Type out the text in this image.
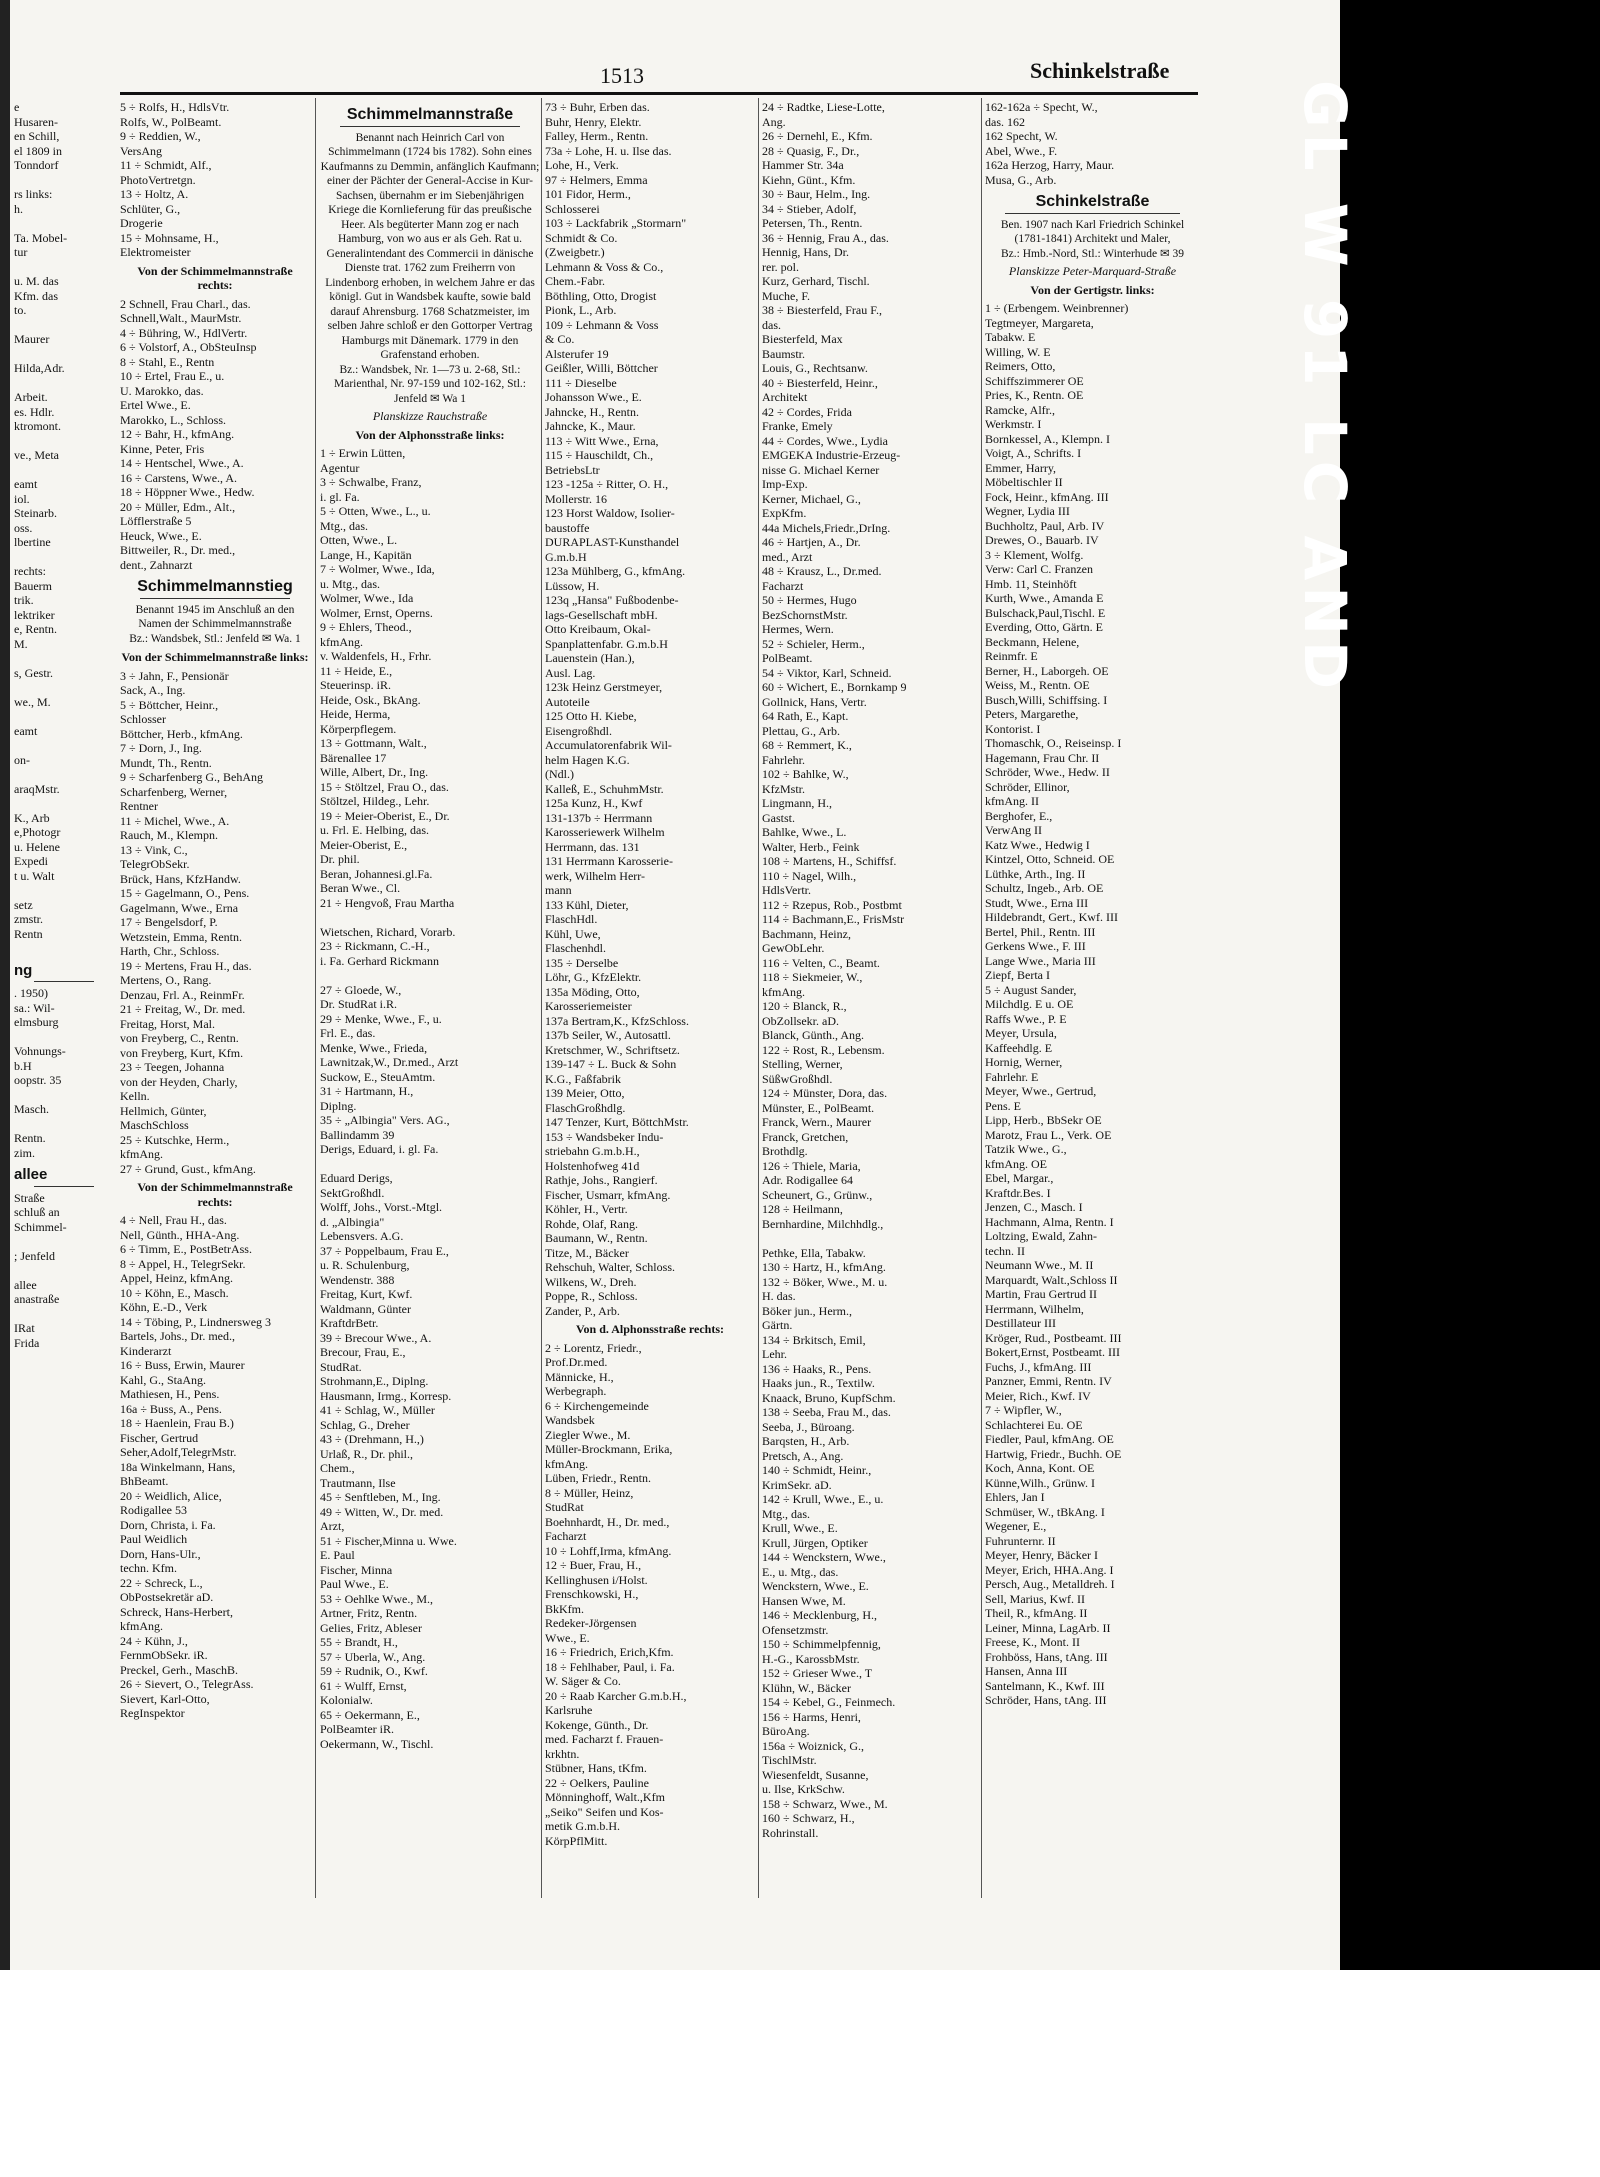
1513	Schinkelstraße
e
Husaren-
en Schill,
el 1809 in
Tonndorf

rs links:
h.

Ta. Mobel-
tur

u. M. das
Kfm. das
to.

Maurer

Hilda,Adr.

Arbeit.
es. Hdlr.
ktromont.

ve., Meta

eamt
iol.
Steinarb.
oss.
lbertine

rechts:
Bauerm
trik.
lektriker
e, Rentn.
M.

s, Gestr.

we., M.

eamt

on-

araqMstr.

K., Arb
e,Photogr
u. Helene
Expedi
t u. Walt

setz
zmstr.
Rentn

ng
. 1950)
sa.: Wil-
elmsburg

Vohnungs-
b.H
oopstr. 35

Masch.

Rentn.
zim.
allee
Straße
schluß an
Schimmel-

; Jenfeld

allee
anastraße

IRat
Frida
5 ÷ Rolfs, H., HdlsVtr.
Rolfs, W., PolBeamt.
9 ÷ Reddien, W.,
VersAng
11 ÷ Schmidt, Alf.,
PhotoVertretgn.
13 ÷ Holtz, A.
Schlüter, G.,
Drogerie
15 ÷ Mohnsame, H.,
Elektromeister
Von der Schimmelmannstraße rechts:
2 Schnell, Frau Charl., das.
Schnell,Walt., MaurMstr.
4 ÷ Bühring, W., HdlVertr.
6 ÷ Volstorf, A., ObSteuInsp
8 ÷ Stahl, E., Rentn
10 ÷ Ertel, Frau E., u.
U. Marokko, das.
Ertel Wwe., E.
Marokko, L., Schloss.
12 ÷ Bahr, H., kfmAng.
Kinne, Peter, Fris
14 ÷ Hentschel, Wwe., A.
16 ÷ Carstens, Wwe., A.
18 ÷ Höppner Wwe., Hedw.
20 ÷ Müller, Edm., Alt.,
Löfflerstraße 5
Heuck, Wwe., E.
Bittweiler, R., Dr. med.,
dent., Zahnarzt
Schimmelmannstieg
Benannt 1945 im Anschluß an den Namen der Schimmelmannstraße
Bz.: Wandsbek, Stl.: Jenfeld ✉ Wa. 1
Von der Schimmelmannstraße links:
3 ÷ Jahn, F., Pensionär
Sack, A., Ing.
5 ÷ Böttcher, Heinr.,
Schlosser
Böttcher, Herb., kfmAng.
7 ÷ Dorn, J., Ing.
Mundt, Th., Rentn.
9 ÷ Scharfenberg G., BehAng
Scharfenberg, Werner,
Rentner
11 ÷ Michel, Wwe., A.
Rauch, M., Klempn.
13 ÷ Vink, C.,
TelegrObSekr.
Brück, Hans, KfzHandw.
15 ÷ Gagelmann, O., Pens.
Gagelmann, Wwe., Erna
17 ÷ Bengelsdorf, P.
Wetzstein, Emma, Rentn.
Harth, Chr., Schloss.
19 ÷ Mertens, Frau H., das.
Mertens, O., Rang.
Denzau, Frl. A., ReinmFr.
21 ÷ Freitag, W., Dr. med.
Freitag, Horst, Mal.
von Freyberg, C., Rentn.
von Freyberg, Kurt, Kfm.
23 ÷ Teegen, Johanna
von der Heyden, Charly,
Kelln.
Hellmich, Günter,
MaschSchloss
25 ÷ Kutschke, Herm.,
kfmAng.
27 ÷ Grund, Gust., kfmAng.
Von der Schimmelmannstraße rechts:
4 ÷ Nell, Frau H., das.
Nell, Günth., HHA-Ang.
6 ÷ Timm, E., PostBetrAss.
8 ÷ Appel, H., TelegrSekr.
Appel, Heinz, kfmAng.
10 ÷ Köhn, E., Masch.
Köhn, E.-D., Verk
14 ÷ Töbing, P., Lindnersweg 3
Bartels, Johs., Dr. med.,
Kinderarzt
16 ÷ Buss, Erwin, Maurer
Kahl, G., StaAng.
Mathiesen, H., Pens.
16a ÷ Buss, A., Pens.
18 ÷ Haenlein, Frau B.)
Fischer, Gertrud
Seher,Adolf,TelegrMstr.
18a Winkelmann, Hans,
BhBeamt.
20 ÷ Weidlich, Alice,
Rodigallee 53
Dorn, Christa, i. Fa.
Paul Weidlich
Dorn, Hans-Ulr.,
techn. Kfm.
22 ÷ Schreck, L.,
ObPostsekretär aD.
Schreck, Hans-Herbert,
kfmAng.
24 ÷ Kühn, J.,
FernmObSekr. iR.
Preckel, Gerh., MaschB.
26 ÷ Sievert, O., TelegrAss.
Sievert, Karl-Otto,
RegInspektor
Schimmelmannstraße
Benannt nach Heinrich Carl von Schimmelmann (1724 bis 1782). Sohn eines Kaufmanns zu Demmin, anfänglich Kaufmann; einer der Pächter der General-Accise in Kur-Sachsen, übernahm er im Siebenjährigen Kriege die Kornlieferung für das preußische Heer. Als begüterter Mann zog er nach Hamburg, von wo aus er als Geh. Rat u. Generalintendant des Commercii in dänische Dienste trat. 1762 zum Freiherrn von Lindenborg erhoben, in welchem Jahre er das königl. Gut in Wandsbek kaufte, sowie bald darauf Ahrensburg. 1768 Schatzmeister, im selben Jahre schloß er den Gottorper Vertrag Hamburgs mit Dänemark. 1779 in den Grafenstand erhoben.
Bz.: Wandsbek, Nr. 1—73 u. 2-68, Stl.: Marienthal, Nr. 97-159 und 102-162, Stl.: Jenfeld ✉ Wa 1
Planskizze Rauchstraße
Von der Alphonsstraße links:
1 ÷ Erwin Lütten,
Agentur
3 ÷ Schwalbe, Franz,
i. gl. Fa.
5 ÷ Otten, Wwe., L., u.
Mtg., das.
Otten, Wwe., L.
Lange, H., Kapitän
7 ÷ Wolmer, Wwe., Ida,
u. Mtg., das.
Wolmer, Wwe., Ida
Wolmer, Ernst, Operns.
9 ÷ Ehlers, Theod.,
kfmAng.
v. Waldenfels, H., Frhr.
11 ÷ Heide, E.,
Steuerinsp. iR.
Heide, Osk., BkAng.
Heide, Herma,
Körperpflegem.
13 ÷ Gottmann, Walt.,
Bärenallee 17
Wille, Albert, Dr., Ing.
15 ÷ Stöltzel, Frau O., das.
Stöltzel, Hildeg., Lehr.
19 ÷ Meier-Oberist, E., Dr.
u. Frl. E. Helbing, das.
Meier-Oberist, E.,
Dr. phil.
Beran, Johannesi.gl.Fa.
Beran Wwe., Cl.
21 ÷ Hengvoß, Frau Martha

Wietschen, Richard, Vorarb.
23 ÷ Rickmann, C.-H.,
i. Fa. Gerhard Rickmann

27 ÷ Gloede, W.,
Dr. StudRat i.R.
29 ÷ Menke, Wwe., F., u.
Frl. E., das.
Menke, Wwe., Frieda,
Lawnitzak,W., Dr.med., Arzt
Suckow, E., SteuAmtm.
31 ÷ Hartmann, H.,
Diplng.
35 ÷ „Albingia" Vers. AG.,
Ballindamm 39
Derigs, Eduard, i. gl. Fa.

Eduard Derigs,
SektGroßhdl.
Wolff, Johs., Vorst.-Mtgl.
d. „Albingia"
Lebensvers. A.G.
37 ÷ Poppelbaum, Frau E.,
u. R. Schulenburg,
Wendenstr. 388
Freitag, Kurt, Kwf.
Waldmann, Günter
KraftdrBetr.
39 ÷ Brecour Wwe., A.
Brecour, Frau, E.,
StudRat.
Strohmann,E., Diplng.
Hausmann, Irmg., Korresp.
41 ÷ Schlag, W., Müller
Schlag, G., Dreher
43 ÷ (Drehmann, H.,)
Urlaß, R., Dr. phil.,
Chem.,
Trautmann, Ilse
45 ÷ Senftleben, M., Ing.
49 ÷ Witten, W., Dr. med.
Arzt,
51 ÷ Fischer,Minna u. Wwe.
E. Paul
Fischer, Minna
Paul Wwe., E.
53 ÷ Oehlke Wwe., M.,
Artner, Fritz, Rentn.
Gelies, Fritz, Ableser
55 ÷ Brandt, H.,
57 ÷ Uberla, W., Ang.
59 ÷ Rudnik, O., Kwf.
61 ÷ Wulff, Ernst,
Kolonialw.
65 ÷ Oekermann, E.,
PolBeamter iR.
Oekermann, W., Tischl.
73 ÷ Buhr, Erben das.
Buhr, Henry, Elektr.
Falley, Herm., Rentn.
73a ÷ Lohe, H. u. Ilse das.
Lohe, H., Verk.
97 ÷ Helmers, Emma
101 Fidor, Herm.,
Schlosserei
103 ÷ Lackfabrik „Stormarn"
Schmidt & Co.
(Zweigbetr.)
Lehmann & Voss & Co.,
Chem.-Fabr.
Böthling, Otto, Drogist
Pionk, L., Arb.
109 ÷ Lehmann & Voss
& Co.
Alsterufer 19
Geißler, Willi, Böttcher
111 ÷ Dieselbe
Johansson Wwe., E.
Jahncke, H., Rentn.
Jahncke, K., Maur.
113 ÷ Witt Wwe., Erna,
115 ÷ Hauschildt, Ch.,
BetriebsLtr
123 -125a ÷ Ritter, O. H.,
Mollerstr. 16
123 Horst Waldow, Isolier-
baustoffe
DURAPLAST-Kunsthandel
G.m.b.H
123a Mühlberg, G., kfmAng.
Lüssow, H.
123q „Hansa" Fußbodenbe-
lags-Gesellschaft mbH.
Otto Kreibaum, Okal-
Spanplattenfabr. G.m.b.H
Lauenstein (Han.),
Ausl. Lag.
123k Heinz Gerstmeyer,
Autoteile
125 Otto H. Kiebe,
Eisengroßhdl.
Accumulatorenfabrik Wil-
helm Hagen K.G.
(Ndl.)
Kalleß, E., SchuhmMstr.
125a Kunz, H., Kwf
131-137b ÷ Herrmann
Karosseriewerk Wilhelm
Herrmann, das. 131
131 Herrmann Karosserie-
werk, Wilhelm Herr-
mann
133 Kühl, Dieter,
FlaschHdl.
Kühl, Uwe,
Flaschenhdl.
135 ÷ Derselbe
Löhr, G., KfzElektr.
135a Möding, Otto,
Karosseriemeister
137a Bertram,K., KfzSchloss.
137b Seiler, W., Autosattl.
Kretschmer, W., Schriftsetz.
139-147 ÷ L. Buck & Sohn
K.G., Faßfabrik
139 Meier, Otto,
FlaschGroßhdlg.
147 Tenzer, Kurt, BöttchMstr.
153 ÷ Wandsbeker Indu-
striebahn G.m.b.H.,
Holstenhofweg 41d
Rathje, Johs., Rangierf.
Fischer, Usmarr, kfmAng.
Köhler, H., Vertr.
Rohde, Olaf, Rang.
Baumann, W., Rentn.
Titze, M., Bäcker
Rehschuh, Walter, Schloss.
Wilkens, W., Dreh.
Poppe, R., Schloss.
Zander, P., Arb.
Von d. Alphonsstraße rechts:
2 ÷ Lorentz, Friedr.,
Prof.Dr.med.
Männicke, H.,
Werbegraph.
6 ÷ Kirchengemeinde
Wandsbek
Ziegler Wwe., M.
Müller-Brockmann, Erika,
kfmAng.
Lüben, Friedr., Rentn.
8 ÷ Müller, Heinz,
StudRat
Boehnhardt, H., Dr. med.,
Facharzt
10 ÷ Lohff,Irma, kfmAng.
12 ÷ Buer, Frau, H.,
Kellinghusen i/Holst.
Frenschkowski, H.,
BkKfm.
Redeker-Jörgensen
Wwe., E.
16 ÷ Friedrich, Erich,Kfm.
18 ÷ Fehlhaber, Paul, i. Fa.
W. Säger & Co.
20 ÷ Raab Karcher G.m.b.H.,
Karlsruhe
Kokenge, Günth., Dr.
med. Facharzt f. Frauen-
krkhtn.
Stübner, Hans, tKfm.
22 ÷ Oelkers, Pauline
Mönninghoff, Walt.,Kfm
„Seiko" Seifen und Kos-
metik G.m.b.H.
KörpPflMitt.
24 ÷ Radtke, Liese-Lotte,
Ang.
26 ÷ Dernehl, E., Kfm.
28 ÷ Quasig, F., Dr.,
Hammer Str. 34a
Kiehn, Günt., Kfm.
30 ÷ Baur, Helm., Ing.
34 ÷ Stieber, Adolf,
Petersen, Th., Rentn.
36 ÷ Hennig, Frau A., das.
Hennig, Hans, Dr.
rer. pol.
Kurz, Gerhard, Tischl.
Muche, F.
38 ÷ Biesterfeld, Frau F.,
das.
Biesterfeld, Max
Baumstr.
Louis, G., Rechtsanw.
40 ÷ Biesterfeld, Heinr.,
Architekt
42 ÷ Cordes, Frida
Franke, Emely
44 ÷ Cordes, Wwe., Lydia
EMGEKA Industrie-Erzeug-
nisse G. Michael Kerner
Imp-Exp.
Kerner, Michael, G.,
ExpKfm.
44a Michels,Friedr.,DrIng.
46 ÷ Hartjen, A., Dr.
med., Arzt
48 ÷ Krausz, L., Dr.med.
Facharzt
50 ÷ Hermes, Hugo
BezSchornstMstr.
Hermes, Wern.
52 ÷ Schieler, Herm.,
PolBeamt.
54 ÷ Viktor, Karl, Schneid.
60 ÷ Wichert, E., Bornkamp 9
Gollnick, Hans, Vertr.
64 Rath, E., Kapt.
Plettau, G., Arb.
68 ÷ Remmert, K.,
Fahrlehr.
102 ÷ Bahlke, W.,
KfzMstr.
Lingmann, H.,
Gastst.
Bahlke, Wwe., L.
Walter, Herb., Feink
108 ÷ Martens, H., Schiffsf.
110 ÷ Nagel, Wilh.,
HdlsVertr.
112 ÷ Rzepus, Rob., Postbmt
114 ÷ Bachmann,E., FrisMstr
Bachmann, Heinz,
GewObLehr.
116 ÷ Velten, C., Beamt.
118 ÷ Siekmeier, W.,
kfmAng.
120 ÷ Blanck, R.,
ObZollsekr. aD.
Blanck, Günth., Ang.
122 ÷ Rost, R., Lebensm.
Stelling, Werner,
SüßwGroßhdl.
124 ÷ Münster, Dora, das.
Münster, E., PolBeamt.
Franck, Wern., Maurer
Franck, Gretchen,
Brothdlg.
126 ÷ Thiele, Maria,
Adr. Rodigallee 64
Scheunert, G., Grünw.,
128 ÷ Heilmann,
Bernhardine, Milchhdlg.,

Pethke, Ella, Tabakw.
130 ÷ Hartz, H., kfmAng.
132 ÷ Böker, Wwe., M. u.
H. das.
Böker jun., Herm.,
Gärtn.
134 ÷ Brkitsch, Emil,
Lehr.
136 ÷ Haaks, R., Pens.
Haaks jun., R., Textilw.
Knaack, Bruno, KupfSchm.
138 ÷ Seeba, Frau M., das.
Seeba, J., Büroang.
Barqsten, H., Arb.
Pretsch, A., Ang.
140 ÷ Schmidt, Heinr.,
KrimSekr. aD.
142 ÷ Krull, Wwe., E., u.
Mtg., das.
Krull, Wwe., E.
Krull, Jürgen, Optiker
144 ÷ Wenckstern, Wwe.,
E., u. Mtg., das.
Wenckstern, Wwe., E.
Hansen Wwe, M.
146 ÷ Mecklenburg, H.,
Ofensetzmstr.
150 ÷ Schimmelpfennig,
H.-G., KarossbMstr.
152 ÷ Grieser Wwe., T
Klühn, W., Bäcker
154 ÷ Kebel, G., Feinmech.
156 ÷ Harms, Henri,
BüroAng.
156a ÷ Woiznick, G.,
TischlMstr.
Wiesenfeldt, Susanne,
u. Ilse, KrkSchw.
158 ÷ Schwarz, Wwe., M.
160 ÷ Schwarz, H.,
Rohrinstall.
162-162a ÷ Specht, W.,
das. 162
162 Specht, W.
Abel, Wwe., F.
162a Herzog, Harry, Maur.
Musa, G., Arb.
Schinkelstraße
Ben. 1907 nach Karl Friedrich Schinkel (1781-1841) Architekt und Maler,
Bz.: Hmb.-Nord, Stl.: Winterhude ✉ 39
Planskizze Peter-Marquard-Straße
Von der Gertigstr. links:
1 ÷ (Erbengem. Weinbrenner)
Tegtmeyer, Margareta,
Tabakw. E
Willing, W. E
Reimers, Otto,
Schiffszimmerer OE
Pries, K., Rentn. OE
Ramcke, Alfr.,
Werkmstr. I
Bornkessel, A., Klempn. I
Voigt, A., Schrifts. I
Emmer, Harry,
Möbeltischler II
Fock, Heinr., kfmAng. III
Wegner, Lydia III
Buchholtz, Paul, Arb. IV
Drewes, O., Bauarb. IV
3 ÷ Klement, Wolfg.
Verw: Carl C. Franzen
Hmb. 11, Steinhöft
Kurth, Wwe., Amanda E
Bulschack,Paul,Tischl. E
Everding, Otto, Gärtn. E
Beckmann, Helene,
Reinmfr. E
Berner, H., Laborgeh. OE
Weiss, M., Rentn. OE
Busch,Willi, Schiffsing. I
Peters, Margarethe,
Kontorist. I
Thomaschk, O., Reiseinsp. I
Hagemann, Frau Chr. II
Schröder, Wwe., Hedw. II
Schröder, Ellinor,
kfmAng. II
Berghofer, E.,
VerwAng II
Katz Wwe., Hedwig I
Kintzel, Otto, Schneid. OE
Lüthke, Arth., Ing. II
Schultz, Ingeb., Arb. OE
Studt, Wwe., Erna III
Hildebrandt, Gert., Kwf. III
Bertel, Phil., Rentn. III
Gerkens Wwe., F. III
Lange Wwe., Maria III
Ziepf, Berta I
5 ÷ August Sander,
Milchdlg. E u. OE
Raffs Wwe., P. E
Meyer, Ursula,
Kaffeehdlg. E
Hornig, Werner,
Fahrlehr. E
Meyer, Wwe., Gertrud,
Pens. E
Lipp, Herb., BbSekr OE
Marotz, Frau L., Verk. OE
Tatzik Wwe., G.,
kfmAng. OE
Ebel, Margar.,
Kraftdr.Bes. I
Jenzen, C., Masch. I
Hachmann, Alma, Rentn. I
Loltzing, Ewald, Zahn-
techn. II
Neumann Wwe., M. II
Marquardt, Walt.,Schloss II
Martin, Frau Gertrud II
Herrmann, Wilhelm,
Destillateur III
Kröger, Rud., Postbeamt. III
Bokert,Ernst, Postbeamt. III
Fuchs, J., kfmAng. III
Panzner, Emmi, Rentn. IV
Meier, Rich., Kwf. IV
7 ÷ Wipfler, W.,
Schlachterei Eu. OE
Fiedler, Paul, kfmAng. OE
Hartwig, Friedr., Buchh. OE
Koch, Anna, Kont. OE
Künne,Wilh., Grünw. I
Ehlers, Jan I
Schmüser, W., tBkAng. I
Wegener, E.,
Fuhrunternr. II
Meyer, Henry, Bäcker I
Meyer, Erich, HHA.Ang. I
Persch, Aug., Metalldreh. I
Sell, Marius, Kwf. II
Theil, R., kfmAng. II
Leiner, Minna, LagArb. II
Freese, K., Mont. II
Frohböss, Hans, tAng. III
Hansen, Anna III
Santelmann, K., Kwf. III
Schröder, Hans, tAng. III
GL W 91 LC AND
